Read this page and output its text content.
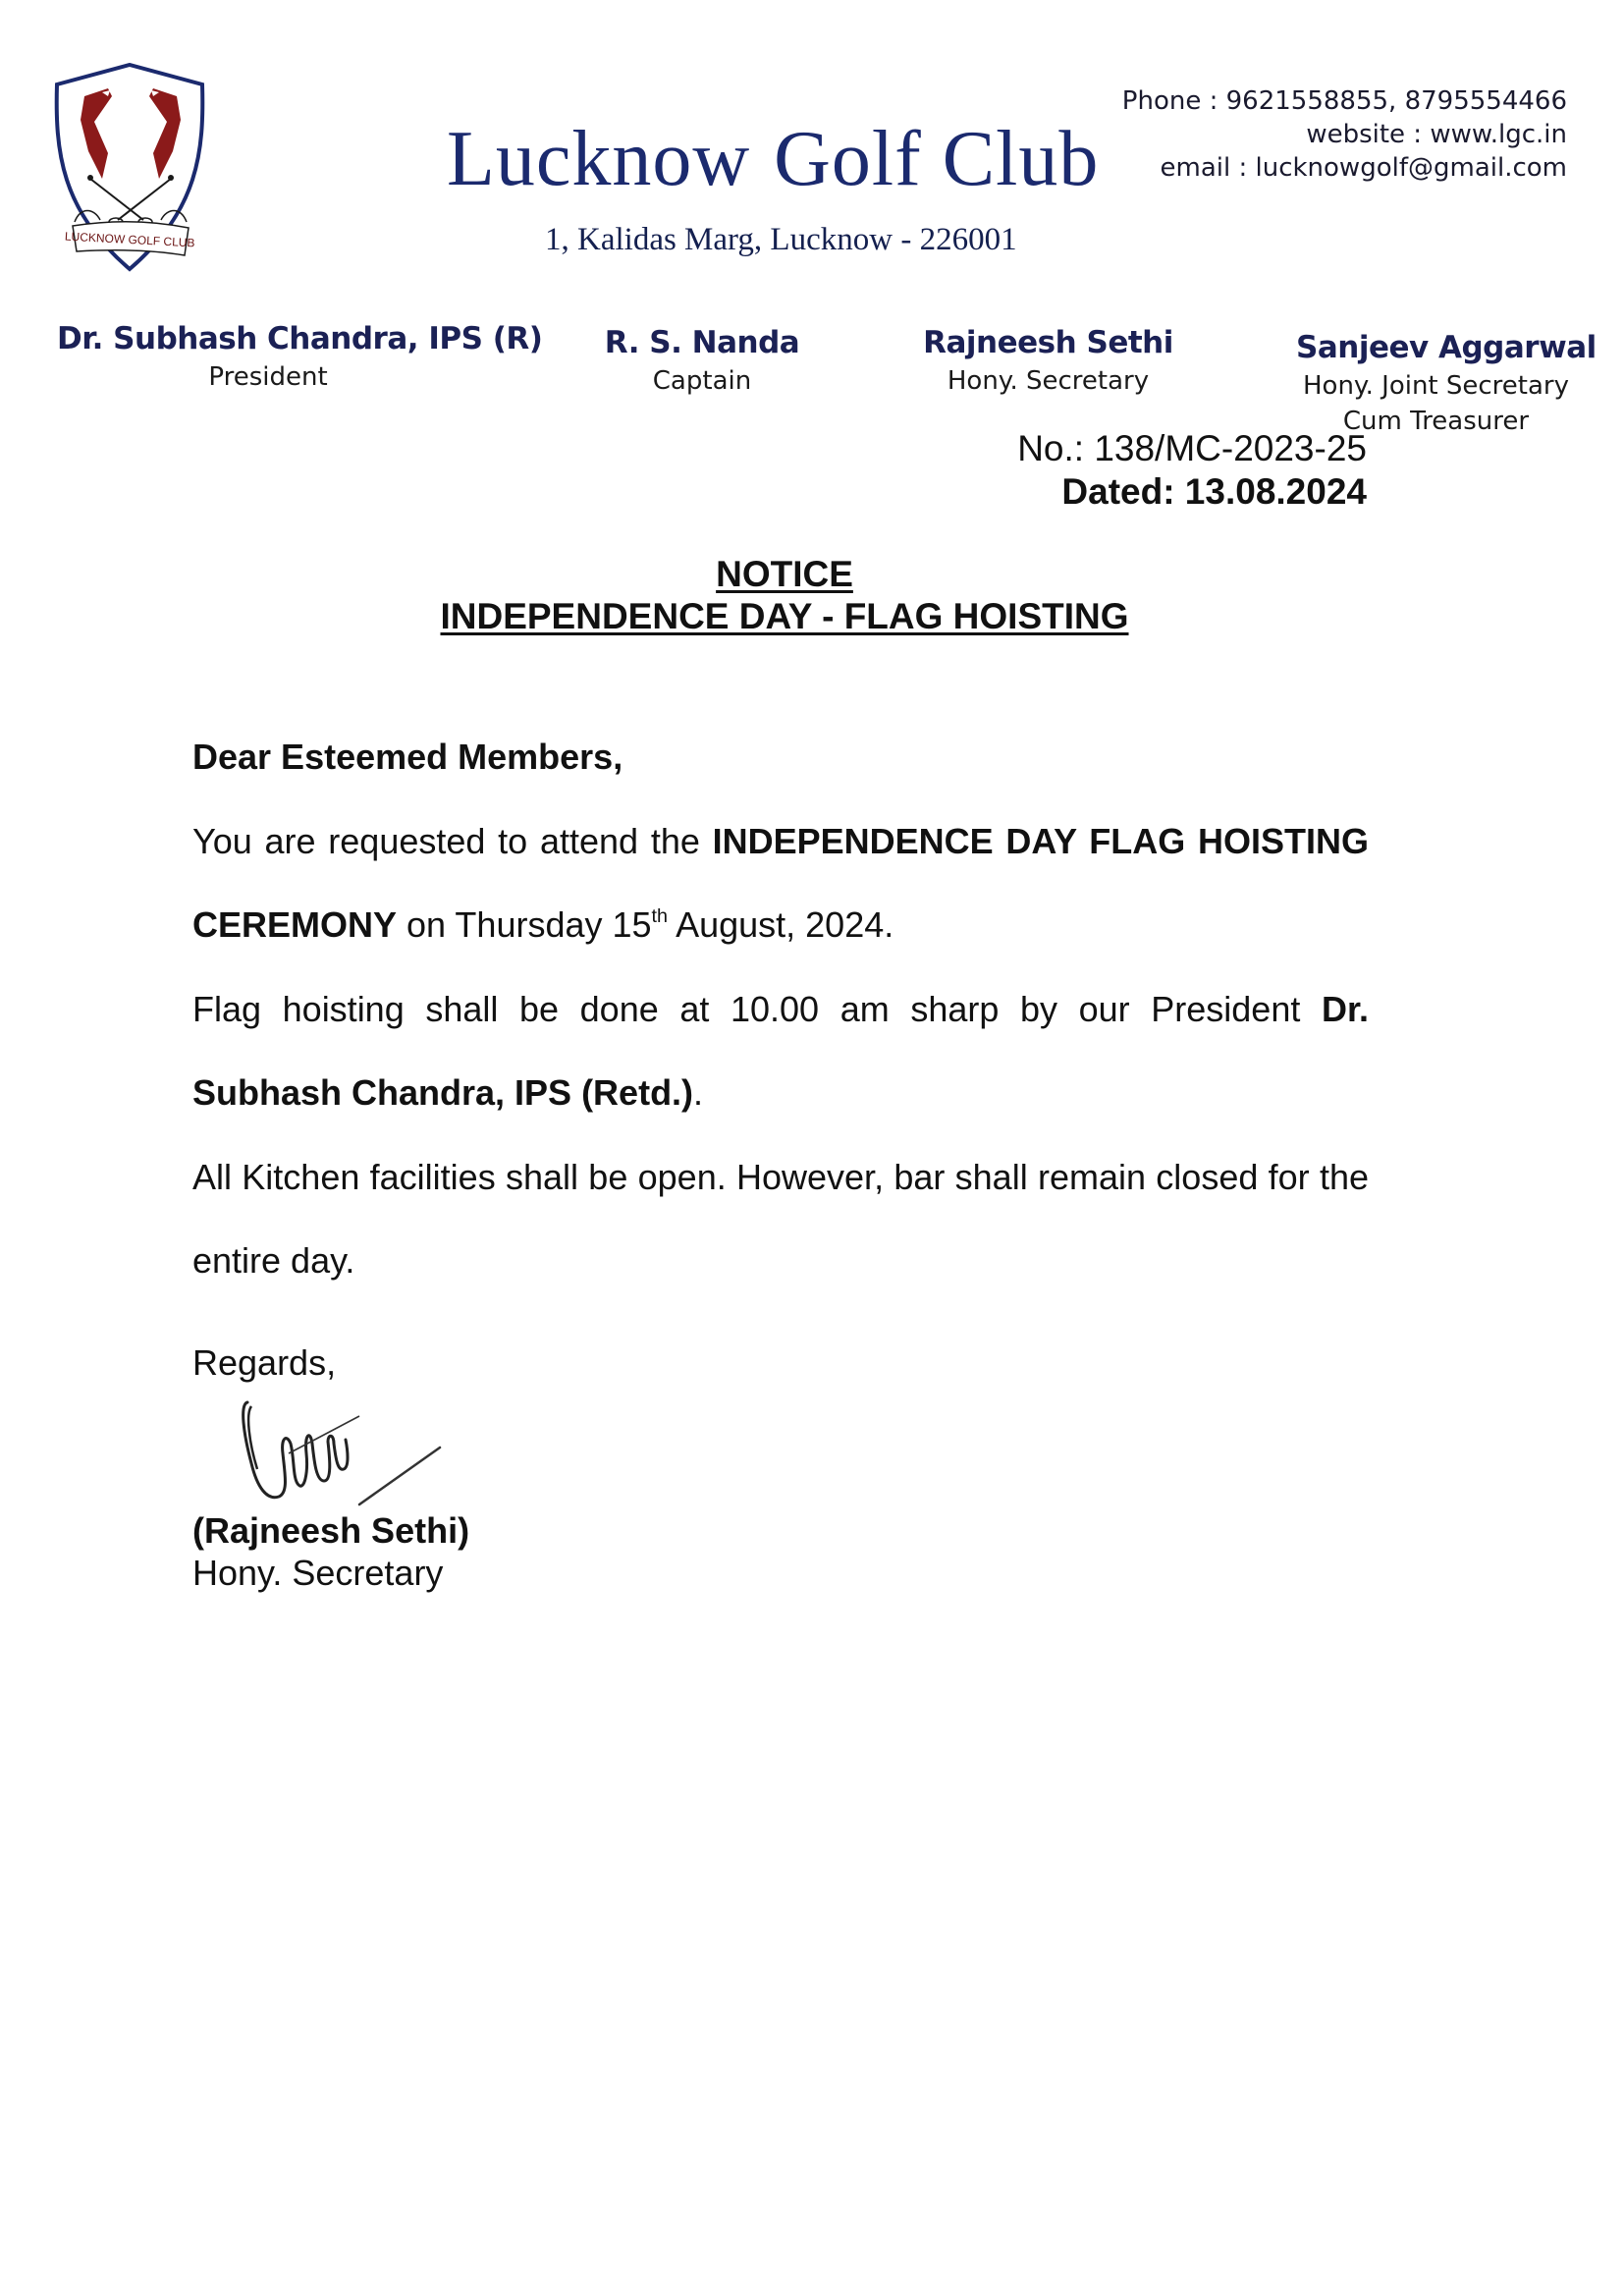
LUCKNOW GOLF CLUB
Lucknow Golf Club
1, Kalidas Marg, Lucknow - 226001
Phone : 9621558855, 8795554466
website : www.lgc.in
email : lucknowgolf@gmail.com
Dr. Subhash Chandra, IPS (R)
President
R. S. Nanda
Captain
Rajneesh Sethi
Hony. Secretary
Sanjeev Aggarwal
Hony. Joint Secretary
Cum Treasurer
No.: 138/MC-2023-25
Dated: 13.08.2024
NOTICE
INDEPENDENCE DAY - FLAG HOISTING

Dear Esteemed Members,

You are requested to attend the INDEPENDENCE DAY FLAG HOISTING CEREMONY on Thursday 15th August, 2024.

Flag hoisting shall be done at 10.00 am sharp by our President Dr. Subhash Chandra, IPS (Retd.).

All Kitchen facilities shall be open. However, bar shall remain closed for the entire day.

Regards,
(Rajneesh Sethi)
Hony. Secretary
